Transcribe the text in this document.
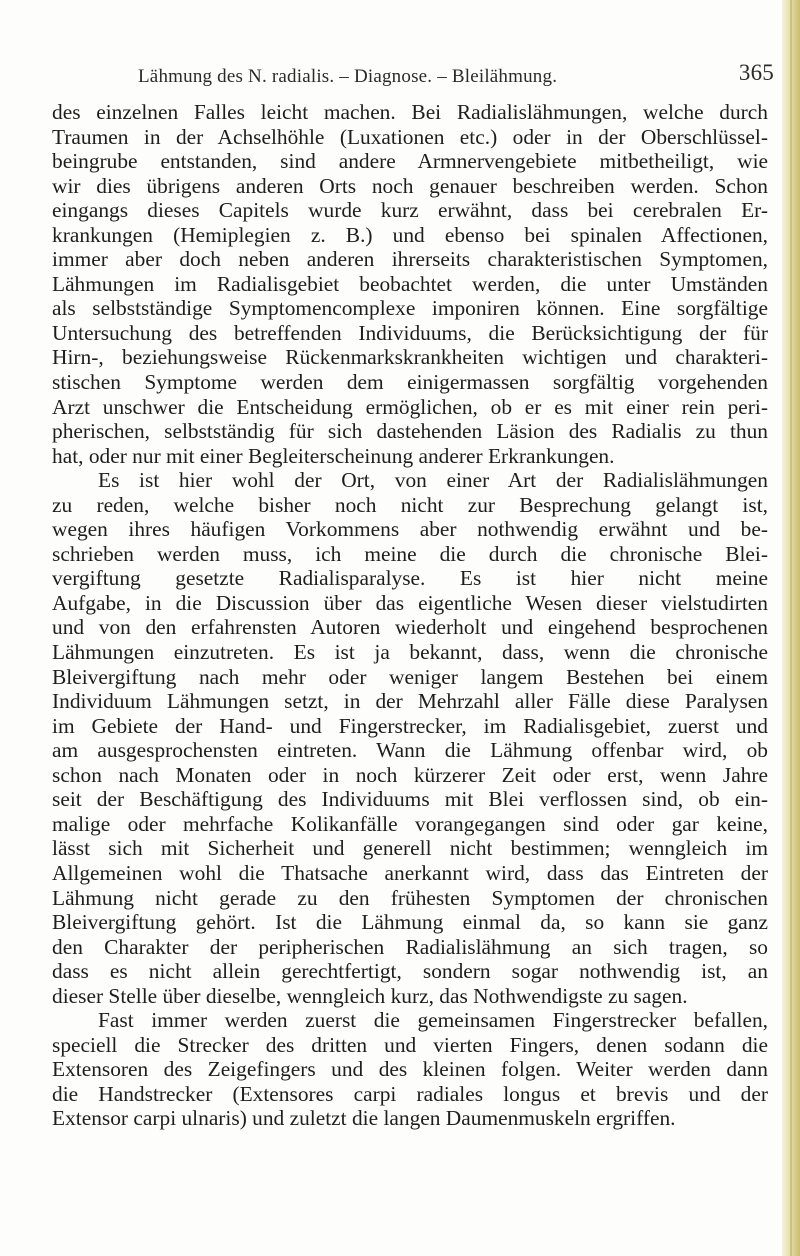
Lähmung des N. radialis. – Diagnose. – Bleilähmung.	365
des einzelnen Falles leicht machen. Bei Radialislähmungen, welche durch
Traumen in der Achselhöhle (Luxationen etc.) oder in der Oberschlüssel-
beingrube entstanden, sind andere Armnervengebiete mitbetheiligt, wie
wir dies übrigens anderen Orts noch genauer beschreiben werden. Schon
eingangs dieses Capitels wurde kurz erwähnt, dass bei cerebralen Er-
krankungen (Hemiplegien z. B.) und ebenso bei spinalen Affectionen,
immer aber doch neben anderen ihrerseits charakteristischen Symptomen,
Lähmungen im Radialisgebiet beobachtet werden, die unter Umständen
als selbstständige Symptomencomplexe imponiren können. Eine sorgfältige
Untersuchung des betreffenden Individuums, die Berücksichtigung der für
Hirn-, beziehungsweise Rückenmarkskrankheiten wichtigen und charakteri-
stischen Symptome werden dem einigermassen sorgfältig vorgehenden
Arzt unschwer die Entscheidung ermöglichen, ob er es mit einer rein peri-
pherischen, selbstständig für sich dastehenden Läsion des Radialis zu thun
hat, oder nur mit einer Begleiterscheinung anderer Erkrankungen.
Es ist hier wohl der Ort, von einer Art der Radialislähmungen
zu reden, welche bisher noch nicht zur Besprechung gelangt ist,
wegen ihres häufigen Vorkommens aber nothwendig erwähnt und be-
schrieben werden muss, ich meine die durch die chronische Blei-
vergiftung gesetzte Radialisparalyse. Es ist hier nicht meine
Aufgabe, in die Discussion über das eigentliche Wesen dieser vielstudirten
und von den erfahrensten Autoren wiederholt und eingehend besprochenen
Lähmungen einzutreten. Es ist ja bekannt, dass, wenn die chronische
Bleivergiftung nach mehr oder weniger langem Bestehen bei einem
Individuum Lähmungen setzt, in der Mehrzahl aller Fälle diese Paralysen
im Gebiete der Hand- und Fingerstrecker, im Radialisgebiet, zuerst und
am ausgesprochensten eintreten. Wann die Lähmung offenbar wird, ob
schon nach Monaten oder in noch kürzerer Zeit oder erst, wenn Jahre
seit der Beschäftigung des Individuums mit Blei verflossen sind, ob ein-
malige oder mehrfache Kolikanfälle vorangegangen sind oder gar keine,
lässt sich mit Sicherheit und generell nicht bestimmen; wenngleich im
Allgemeinen wohl die Thatsache anerkannt wird, dass das Eintreten der
Lähmung nicht gerade zu den frühesten Symptomen der chronischen
Bleivergiftung gehört. Ist die Lähmung einmal da, so kann sie ganz
den Charakter der peripherischen Radialislähmung an sich tragen, so
dass es nicht allein gerechtfertigt, sondern sogar nothwendig ist, an
dieser Stelle über dieselbe, wenngleich kurz, das Nothwendigste zu sagen.
Fast immer werden zuerst die gemeinsamen Fingerstrecker befallen,
speciell die Strecker des dritten und vierten Fingers, denen sodann die
Extensoren des Zeigefingers und des kleinen folgen. Weiter werden dann
die Handstrecker (Extensores carpi radiales longus et brevis und der
Extensor carpi ulnaris) und zuletzt die langen Daumenmuskeln ergriffen.
